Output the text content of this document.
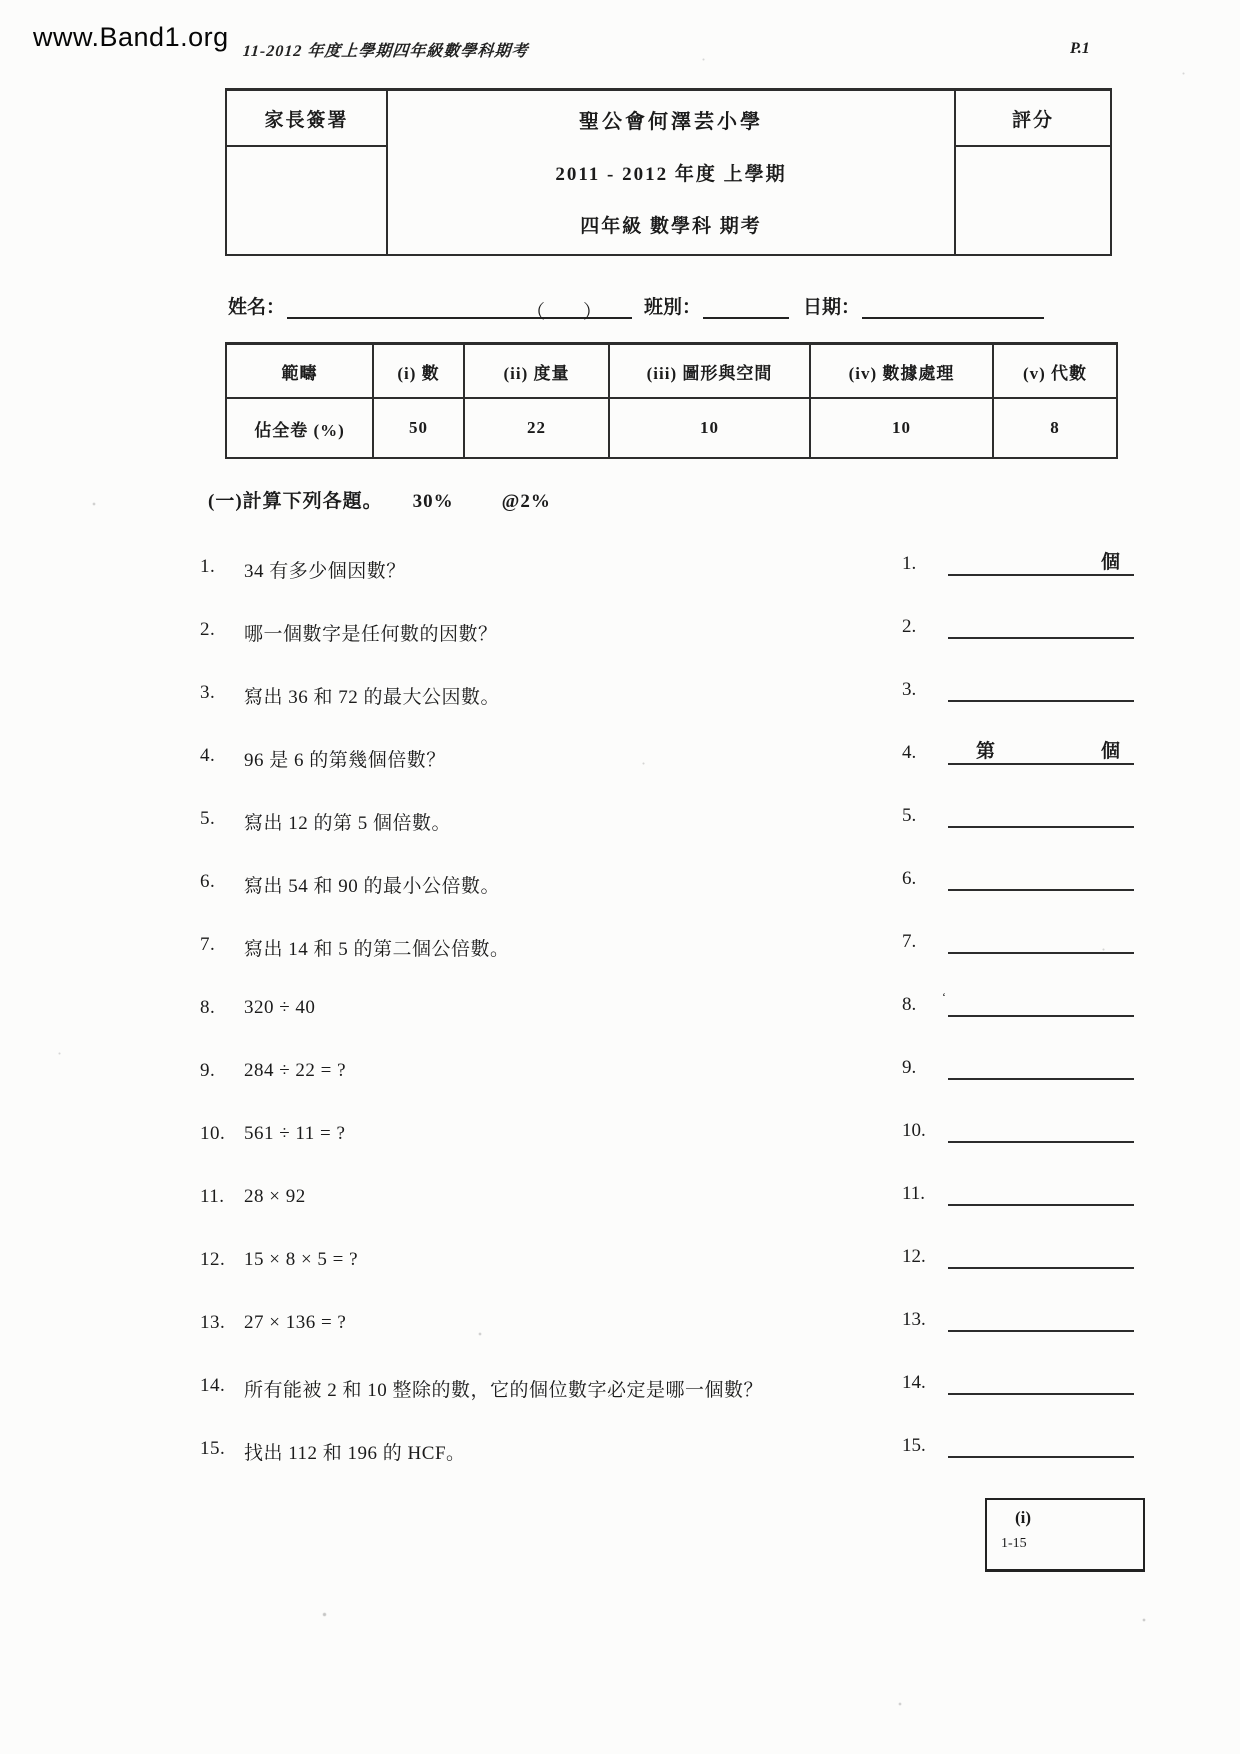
www.Band1.org 11-2012 年度上學期四年級數學科期考	P.1
家長簽署	聖公會何澤芸小學
2011 - 2012 年度 上學期
四年級 數學科 期考
評分
姓名：	（　　）	班別：	日期：
範疇	(i) 數	(ii) 度量	(iii) 圖形與空間	(iv) 數據處理	(v) 代數
佔全卷 (%)	50	22	10	10	8
(一)計算下列各題。 30%	@2%
1.	34 有多少個因數？	1.	個
2.	哪一個數字是任何數的因數？	2.
3.	寫出 36 和 72 的最大公因數。	3.
4.	96 是 6 的第幾個倍數？	4.	第	個
5.	寫出 12 的第 5 個倍數。	5.
6.	寫出 54 和 90 的最小公倍數。	6.
7.	寫出 14 和 5 的第二個公倍數。	7.
8.	320 ÷ 40	8.	‘
9.	284 ÷ 22 = ?	9.
10. 561 ÷ 11 = ?	10.
11.	28 × 92	11.
12. 15 × 8 × 5 = ?	12.
13. 27 × 136 = ?	13.
14. 所有能被 2 和 10 整除的數，它的個位數字必定是哪一個數？	14.
15. 找出 112 和 196 的 HCF。	15.
(i)
1-15
